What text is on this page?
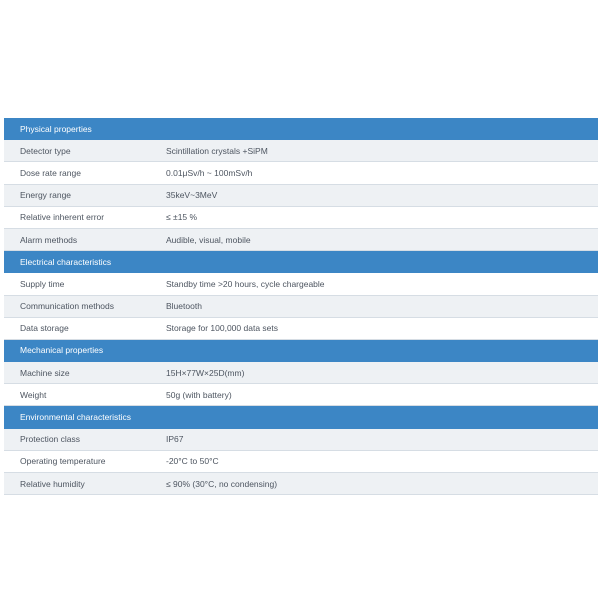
Physical properties	
Detector type	Scintillation crystals +SiPM
Dose rate range	0.01μSv/h ~ 100mSv/h
Energy range	35keV~3MeV
Relative inherent error	≤ ±15 %
Alarm methods	Audible, visual, mobile
Electrical characteristics	
Supply time	Standby time >20 hours, cycle chargeable
Communication methods	Bluetooth
Data storage	Storage for 100,000 data sets
Mechanical properties	
Machine size	15H×77W×25D(mm)
Weight	50g (with battery)
Environmental characteristics	
Protection class	IP67
Operating temperature	-20°C to 50°C
Relative humidity	≤ 90% (30°C, no condensing)
